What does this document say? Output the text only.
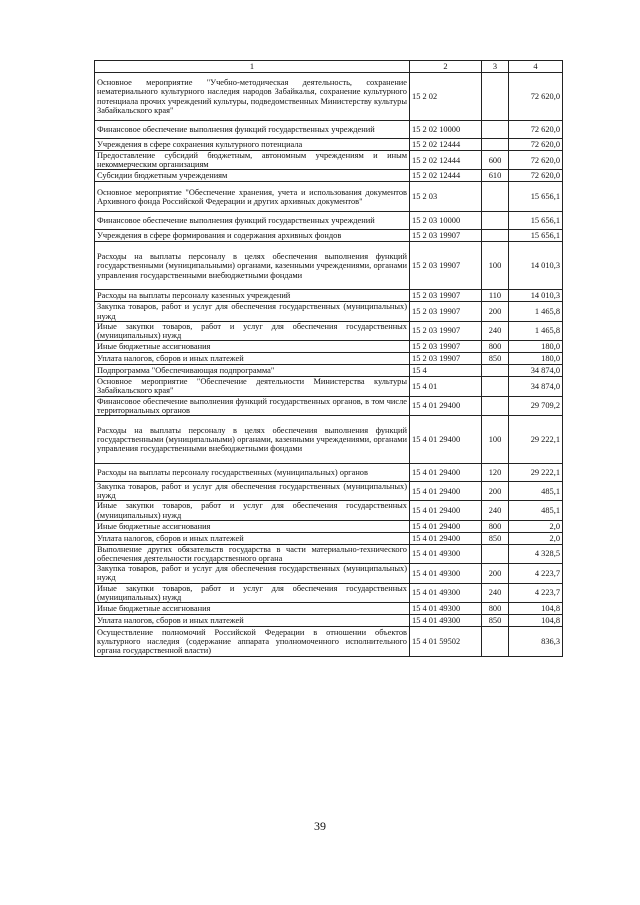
1	2	3	4
Основное мероприятие "Учебно-методическая деятельность, сохранение нематериального культурного наследия народов Забайкалья, сохранение культурного потенциала прочих учреждений культуры, подведомственных Министерству культуры Забайкальского края"	15 2 02		72 620,0
Финансовое обеспечение выполнения функций государственных учреждений	15 2 02 10000		72 620,0
Учреждения в сфере сохранения культурного потенциала	15 2 02 12444		72 620,0
Предоставление субсидий бюджетным, автономным учреждениям и иным некоммерческим организациям	15 2 02 12444	600	72 620,0
Субсидии бюджетным учреждениям	15 2 02 12444	610	72 620,0
Основное мероприятие "Обеспечение хранения, учета и использования документов Архивного фонда Российской Федерации и других архивных документов"	15 2 03		15 656,1
Финансовое обеспечение выполнения функций государственных учреждений	15 2 03 10000		15 656,1
Учреждения в сфере формирования и содержания архивных фондов	15 2 03 19907		15 656,1
Расходы на выплаты персоналу в целях обеспечения выполнения функций государственными (муниципальными) органами, казенными учреждениями, органами управления государственными внебюджетными фондами	15 2 03 19907	100	14 010,3
Расходы на выплаты персоналу казенных учреждений	15 2 03 19907	110	14 010,3
Закупка товаров, работ и услуг для обеспечения государственных (муниципальных) нужд	15 2 03 19907	200	1 465,8
Иные закупки товаров, работ и услуг для обеспечения государственных (муниципальных) нужд	15 2 03 19907	240	1 465,8
Иные бюджетные ассигнования	15 2 03 19907	800	180,0
Уплата налогов, сборов и иных платежей	15 2 03 19907	850	180,0
Подпрограмма "Обеспечивающая подпрограмма"	15 4		34 874,0
Основное мероприятие "Обеспечение деятельности Министерства культуры Забайкальского края"	15 4 01		34 874,0
Финансовое обеспечение выполнения функций государственных органов, в том числе территориальных органов	15 4 01 29400		29 709,2
Расходы на выплаты персоналу в целях обеспечения выполнения функций государственными (муниципальными) органами, казенными учреждениями, органами управления государственными внебюджетными фондами	15 4 01 29400	100	29 222,1
Расходы на выплаты персоналу государственных (муниципальных) органов	15 4 01 29400	120	29 222,1
Закупка товаров, работ и услуг для обеспечения государственных (муниципальных) нужд	15 4 01 29400	200	485,1
Иные закупки товаров, работ и услуг для обеспечения государственных (муниципальных) нужд	15 4 01 29400	240	485,1
Иные бюджетные ассигнования	15 4 01 29400	800	2,0
Уплата налогов, сборов и иных платежей	15 4 01 29400	850	2,0
Выполнение других обязательств государства в части материально-технического обеспечения деятельности государственного органа	15 4 01 49300		4 328,5
Закупка товаров, работ и услуг для обеспечения государственных (муниципальных) нужд	15 4 01 49300	200	4 223,7
Иные закупки товаров, работ и услуг для обеспечения государственных (муниципальных) нужд	15 4 01 49300	240	4 223,7
Иные бюджетные ассигнования	15 4 01 49300	800	104,8
Уплата налогов, сборов и иных платежей	15 4 01 49300	850	104,8
Осуществление полномочий Российской Федерации в отношении объектов культурного наследия (содержание аппарата уполномоченного исполнительного органа государственной власти)	15 4 01 59502		836,3
39
